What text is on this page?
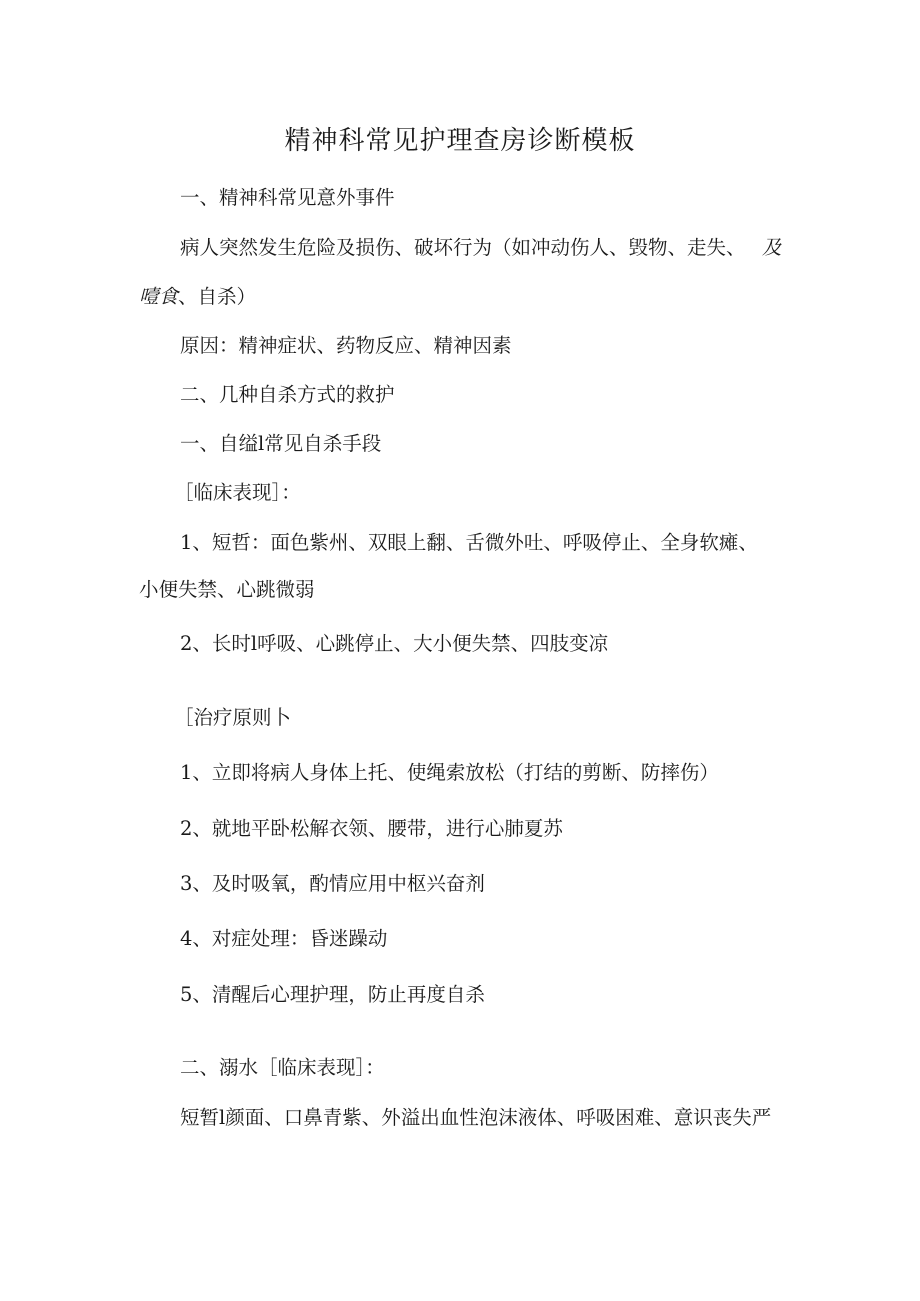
精神科常见护理查房诊断模板
一、精神科常见意外事件
病人突然发生危险及损伤、破坏行为（如冲动伤人、毁物、走失、 及
噎食、自杀）
原因：精神症状、药物反应、精神因素
二、几种自杀方式的救护
一、自缢l常见自杀手段
［临床表现］：
1、短哲：面色紫州、双眼上翻、舌微外吐、呼吸停止、全身软瘫、
小便失禁、心跳微弱
2、长时l呼吸、心跳停止、大小便失禁、四肢变凉
［治疗原则卜
1、立即将病人身体上托、使绳索放松（打结的剪断、防摔伤）
2、就地平卧松解衣领、腰带，进行心肺夏苏
3、及时吸氧，酌情应用中枢兴奋剂
4、对症处理：昏迷躁动
5、清醒后心理护理，防止再度自杀
二、溺水［临床表现］：
短暂l颜面、口鼻青紫、外溢出血性泡沫液体、呼吸困难、意识丧失严
